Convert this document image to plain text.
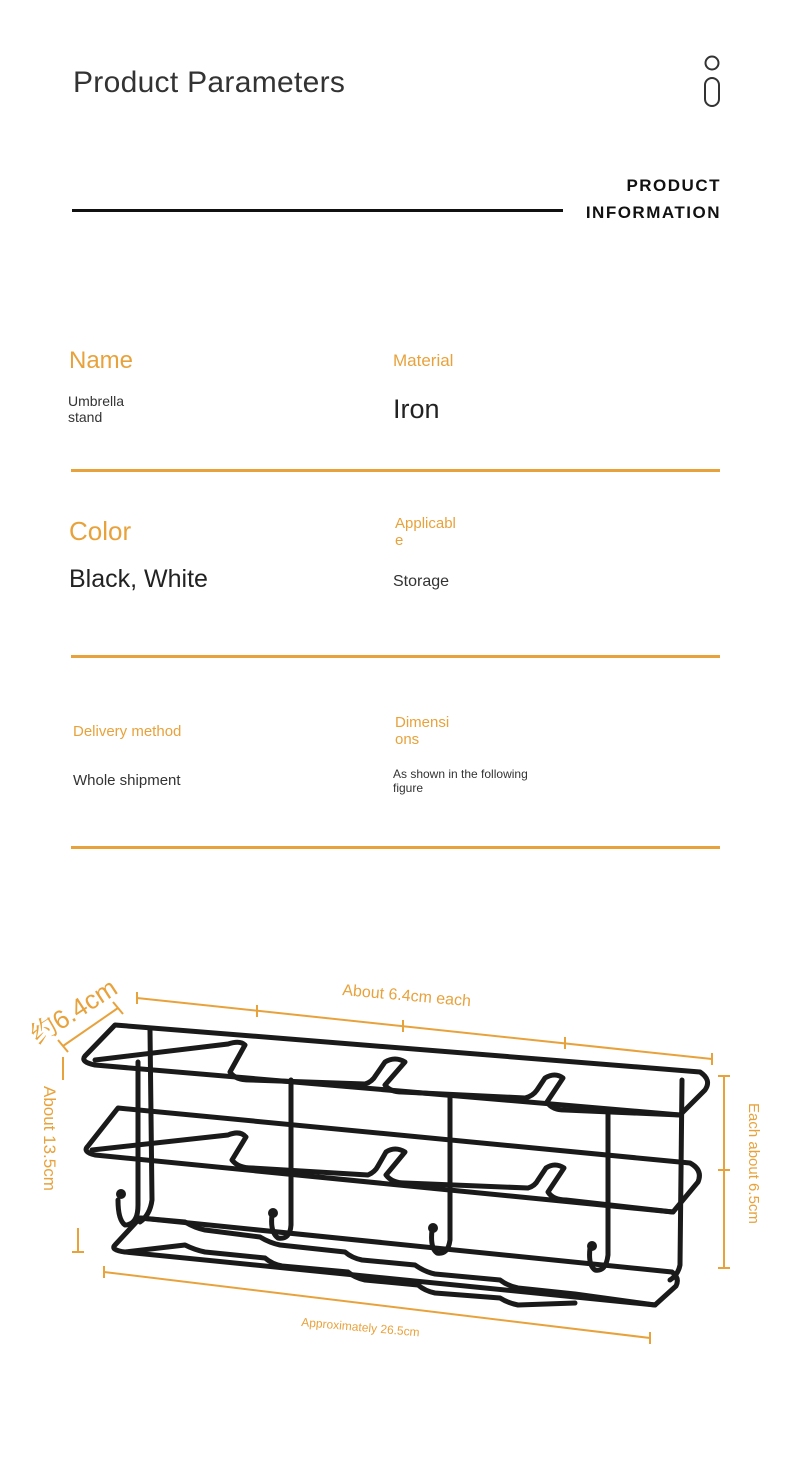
Product Parameters
PRODUCT
INFORMATION
Name
Umbrella
stand
Material
Iron
Color
Black, White
Applicabl
e
Storage
Delivery method
Whole shipment
Dimensi
ons
As shown in the following
figure
约6.4cm	About 6.4cm each
About 13.5cm	Each about 6.5cm
Approximately 26.5cm
